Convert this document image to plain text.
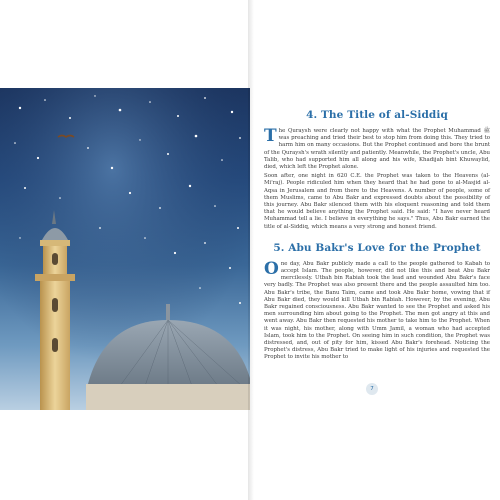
4. The Title of al-Siddiq

The Quraysh were clearly not happy with what the Prophet Muhammad ﷺ was preaching and tried their best to stop him from doing this. They tried to harm him on many occasions. But the Prophet continued and bore the brunt of the Quraysh's wrath silently and patiently. Meanwhile, the Prophet's uncle, Abu Talib, who had supported him all along and his wife, Khadijah bint Khuwaylid, died, which left the Prophet alone.

Soon after, one night in 620 C.E. the Prophet was taken to the Heavens (al-Mi'raj). People ridiculed him when they heard that he had gone to al-Masjid al-Aqsa in Jerusalem and from there to the Heavens. A number of people, some of them Muslims, came to Abu Bakr and expressed doubts about the possibility of this journey. Abu Bakr silenced them with his eloquent reasoning and told them that he would believe anything the Prophet said. He said: "I have never heard Muhammad tell a lie. I believe in everything he says." Thus, Abu Bakr earned the title of al-Siddiq, which means a very strong and honest friend.

5. Abu Bakr's Love for the Prophet

One day, Abu Bakr publicly made a call to the people gathered to Kabah to accept Islam. The people, however, did not like this and beat Abu Bakr mercilessly. Utbah bin Rabiah took the lead and wounded Abu Bakr's face very badly. The Prophet was also present there and the people assaulted him too. Abu Bakr's tribe, the Banu Taim, came and took Abu Bakr home, vowing that if Abu Bakr died, they would kill Utbah bin Rabiah. However, by the evening, Abu Bakr regained consciousness. Abu Bakr wanted to see the Prophet and asked his men surrounding him about going to the Prophet. The men got angry at this and went away. Abu Bakr then requested his mother to take him to the Prophet. When it was night, his mother, along with Umm Jamil, a woman who had accepted Islam, took him to the Prophet. On seeing him in such condition, the Prophet was distressed, and, out of pity for him, kissed Abu Bakr's forehead. Noticing the Prophet's distress, Abu Bakr tried to make light of his injuries and requested the Prophet to invite his mother to

7
